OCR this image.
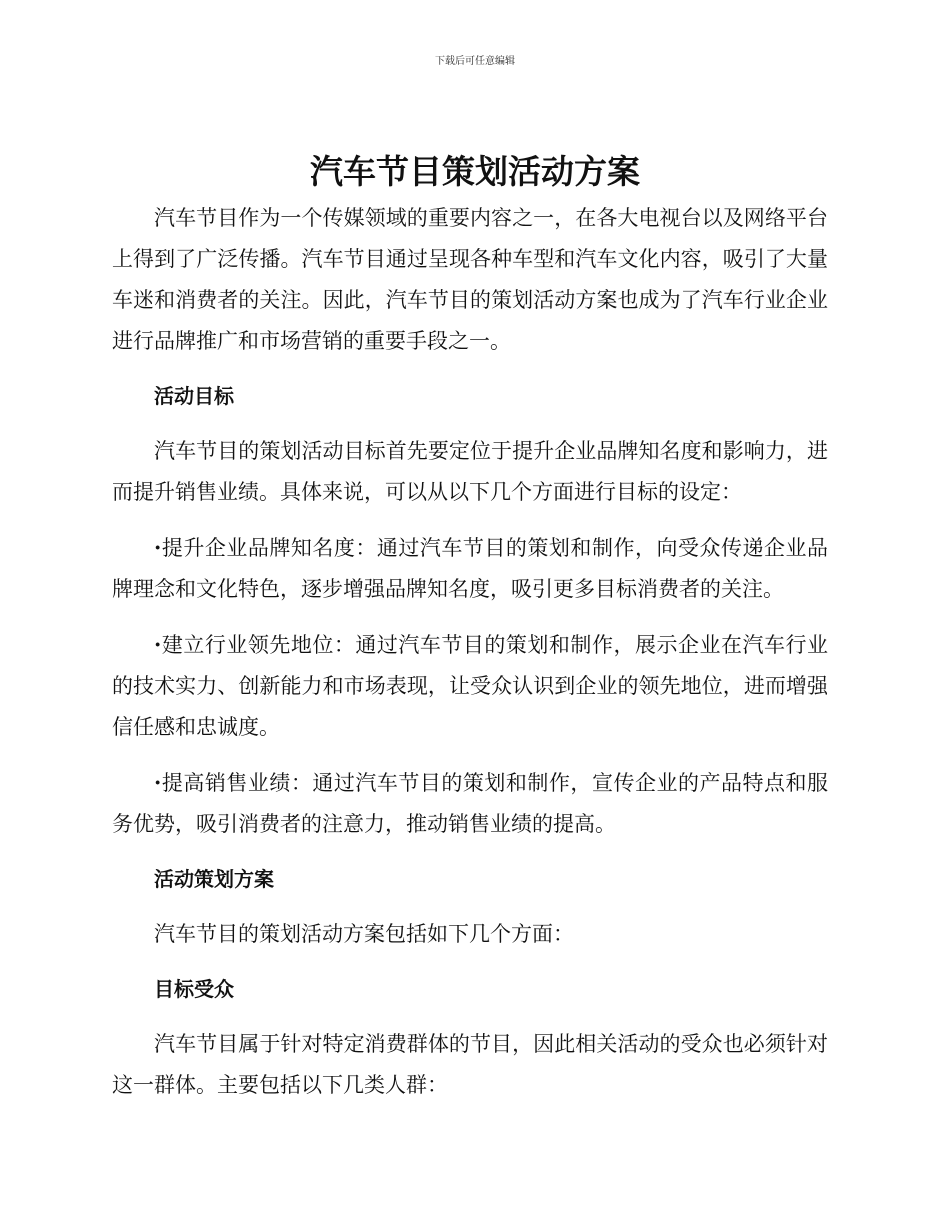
下载后可任意编辑
汽车节目策划活动方案

汽车节目作为一个传媒领域的重要内容之一，在各大电视台以及网络平台上得到了广泛传播。汽车节目通过呈现各种车型和汽车文化内容，吸引了大量车迷和消费者的关注。因此，汽车节目的策划活动方案也成为了汽车行业企业进行品牌推广和市场营销的重要手段之一。

活动目标

汽车节目的策划活动目标首先要定位于提升企业品牌知名度和影响力，进而提升销售业绩。具体来说，可以从以下几个方面进行目标的设定：

·提升企业品牌知名度：通过汽车节目的策划和制作，向受众传递企业品牌理念和文化特色，逐步增强品牌知名度，吸引更多目标消费者的关注。

·建立行业领先地位：通过汽车节目的策划和制作，展示企业在汽车行业的技术实力、创新能力和市场表现，让受众认识到企业的领先地位，进而增强信任感和忠诚度。

·提高销售业绩：通过汽车节目的策划和制作，宣传企业的产品特点和服务优势，吸引消费者的注意力，推动销售业绩的提高。

活动策划方案

汽车节目的策划活动方案包括如下几个方面：

目标受众

汽车节目属于针对特定消费群体的节目，因此相关活动的受众也必须针对这一群体。主要包括以下几类人群：
